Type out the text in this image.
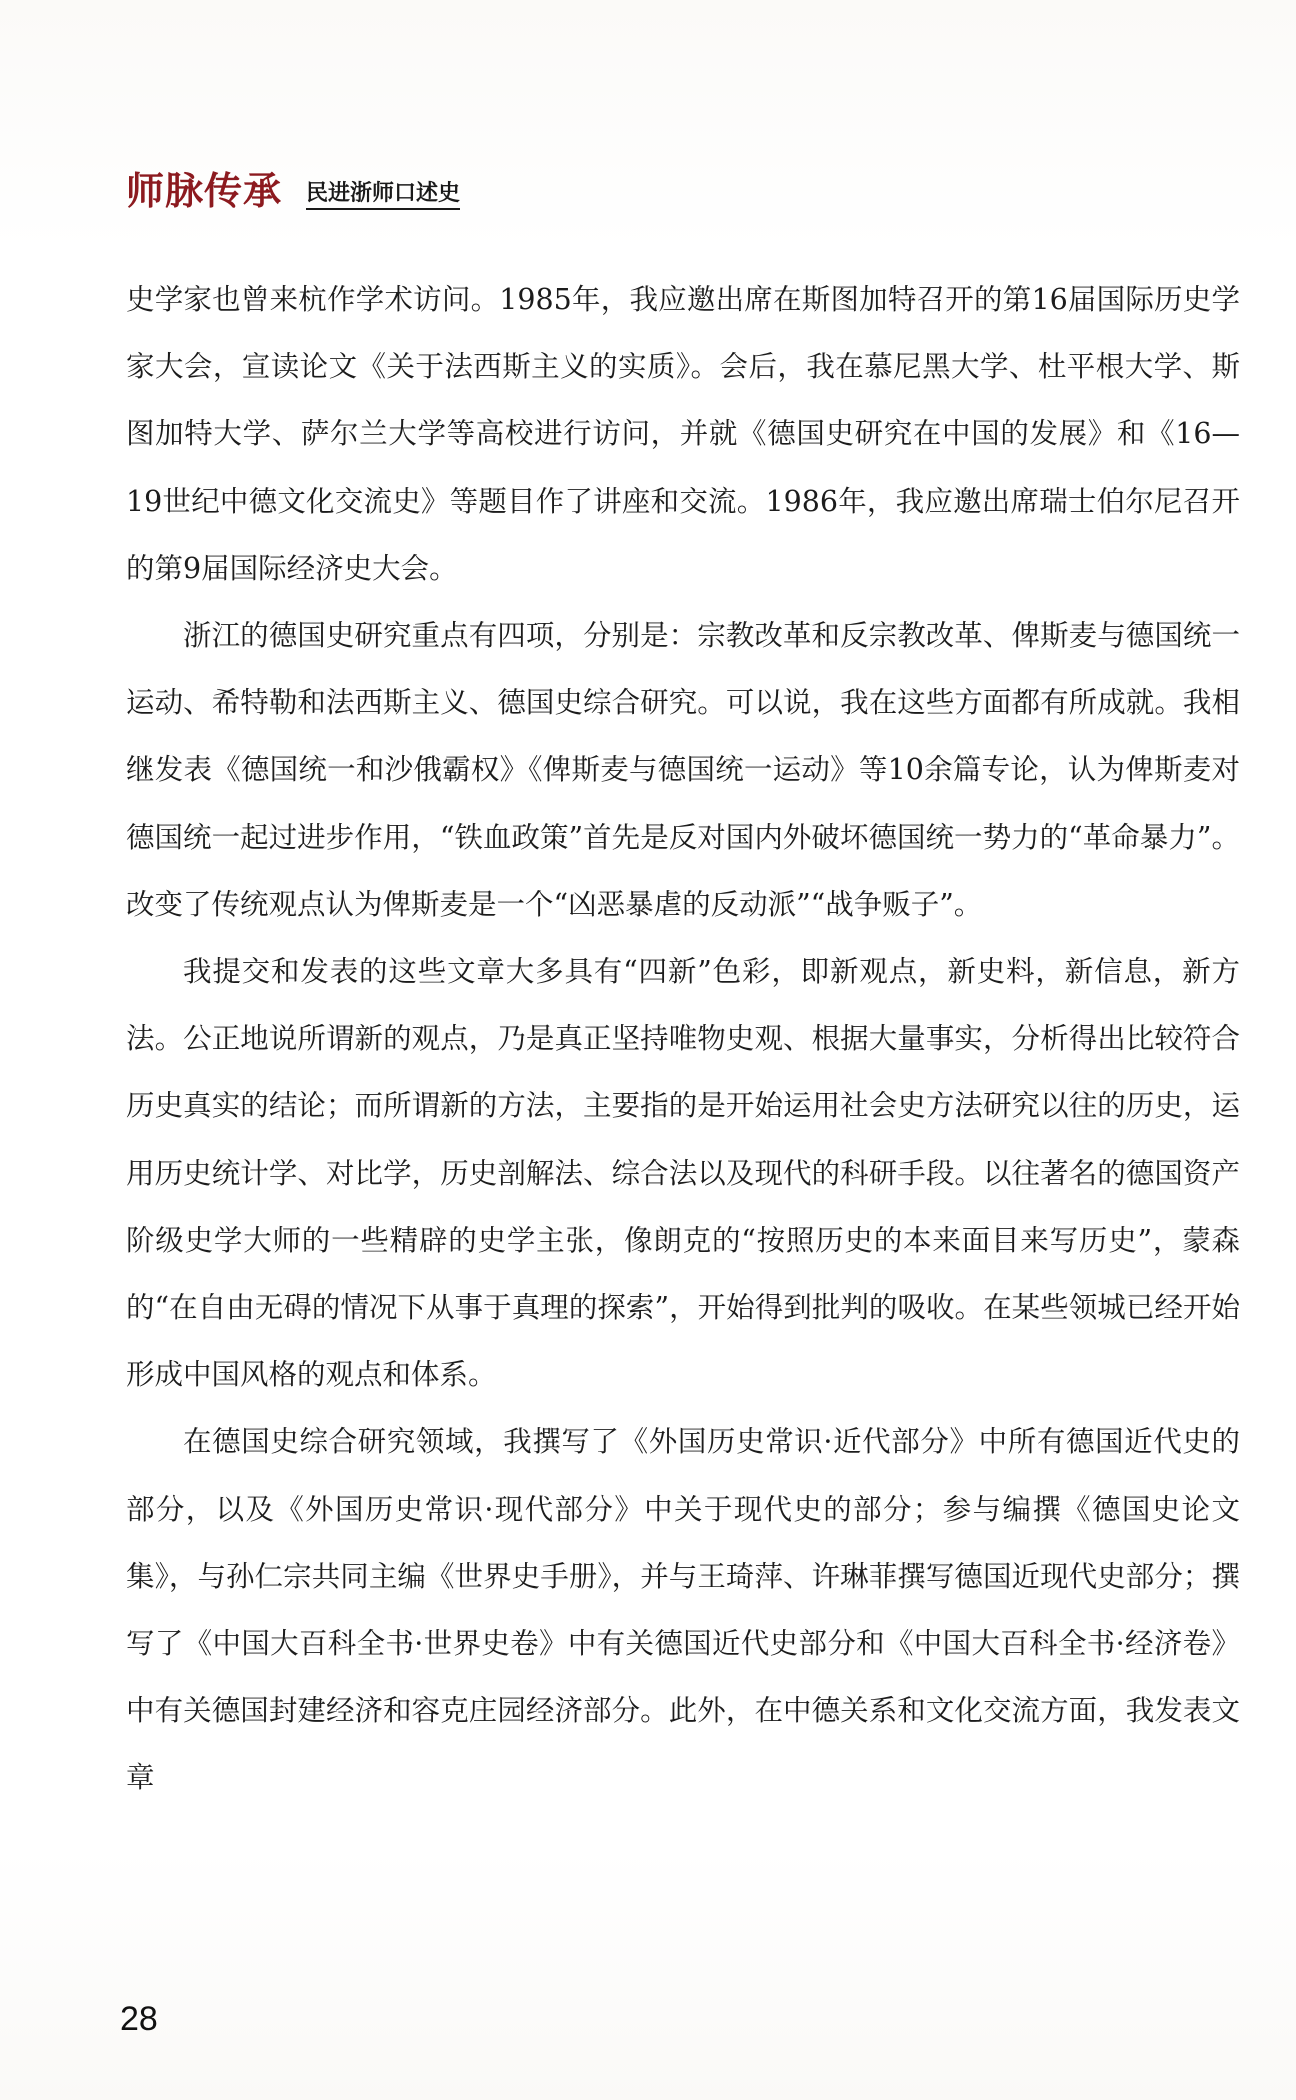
师脉传承 民进浙师口述史

史学家也曾来杭作学术访问。1985年，我应邀出席在斯图加特召开的第16届国际历史学家大会，宣读论文《关于法西斯主义的实质》。会后，我在慕尼黑大学、杜平根大学、斯图加特大学、萨尔兰大学等高校进行访问，并就《德国史研究在中国的发展》和《16—19世纪中德文化交流史》等题目作了讲座和交流。1986年，我应邀出席瑞士伯尔尼召开的第9届国际经济史大会。

浙江的德国史研究重点有四项，分别是：宗教改革和反宗教改革、俾斯麦与德国统一运动、希特勒和法西斯主义、德国史综合研究。可以说，我在这些方面都有所成就。我相继发表《德国统一和沙俄霸权》《俾斯麦与德国统一运动》等10余篇专论，认为俾斯麦对德国统一起过进步作用，“铁血政策”首先是反对国内外破坏德国统一势力的“革命暴力”。改变了传统观点认为俾斯麦是一个“凶恶暴虐的反动派”“战争贩子”。

我提交和发表的这些文章大多具有“四新”色彩，即新观点，新史料，新信息，新方法。公正地说所谓新的观点，乃是真正坚持唯物史观、根据大量事实，分析得出比较符合历史真实的结论；而所谓新的方法，主要指的是开始运用社会史方法研究以往的历史，运用历史统计学、对比学，历史剖解法、综合法以及现代的科研手段。以往著名的德国资产阶级史学大师的一些精辟的史学主张，像朗克的“按照历史的本来面目来写历史”，蒙森的“在自由无碍的情况下从事于真理的探索”，开始得到批判的吸收。在某些领城已经开始形成中国风格的观点和体系。

在德国史综合研究领域，我撰写了《外国历史常识·近代部分》中所有德国近代史的部分，以及《外国历史常识·现代部分》中关于现代史的部分；参与编撰《德国史论文集》，与孙仁宗共同主编《世界史手册》，并与王琦萍、许琳菲撰写德国近现代史部分；撰写了《中国大百科全书·世界史卷》中有关德国近代史部分和《中国大百科全书·经济卷》中有关德国封建经济和容克庄园经济部分。此外，在中德关系和文化交流方面，我发表文章

28
